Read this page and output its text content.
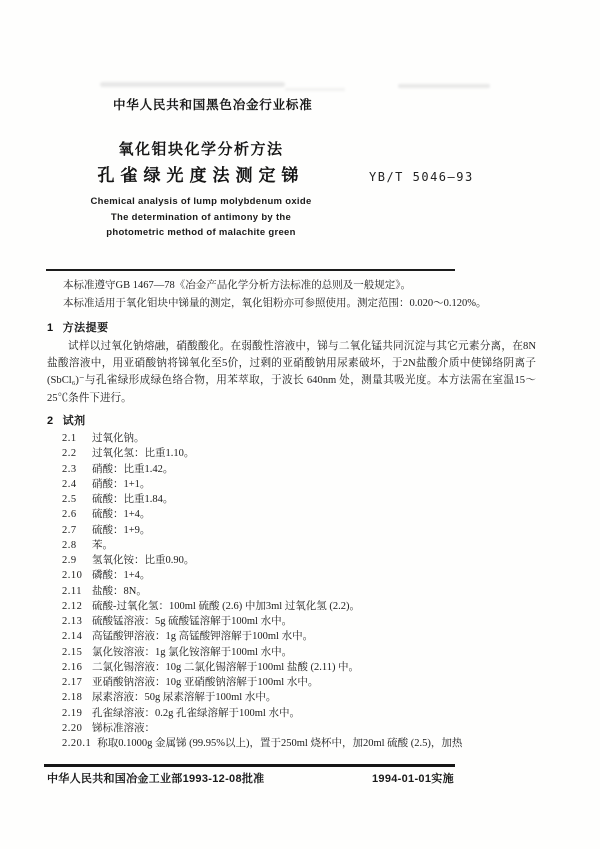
中华人民共和国黑色冶金行业标准
氧化钼块化学分析方法
孔雀绿光度法测定锑	YB/T 5046—93
Chemical analysis of lump molybdenum oxide
The determination of antimony by the
photometric method of malachite green

本标准遵守GB 1467—78《冶金产品化学分析方法标准的总则及一般规定》。

本标准适用于氧化钼块中锑量的测定，氧化钼粉亦可参照使用。测定范围：0.020～0.120%。

1 方法提要
试样以过氧化钠熔融，硝酸酸化。在弱酸性溶液中，锑与二氧化锰共同沉淀与其它元素分离，在8N盐酸溶液中，用亚硝酸钠将锑氧化至5价，过剩的亚硝酸钠用尿素破坏，于2N盐酸介质中使锑络阴离子(SbCl₆)⁻与孔雀绿形成绿色络合物，用苯萃取，于波长 640nm 处，测量其吸光度。本方法需在室温15～25℃条件下进行。
2 试剂
2.1 过氧化钠。
2.2 过氧化氢：比重1.10。
2.3 硝酸：比重1.42。
2.4 硝酸：1+1。
2.5 硫酸：比重1.84。
2.6 硫酸：1+4。
2.7 硫酸：1+9。
2.8 苯。
2.9 氢氧化铵：比重0.90。
2.10 磷酸：1+4。
2.11 盐酸：8N。
2.12 硫酸-过氧化氢：100ml 硫酸 (2.6) 中加3ml 过氧化氢 (2.2)。
2.13 硫酸锰溶液：5g 硫酸锰溶解于100ml 水中。
2.14 高锰酸钾溶液：1g 高锰酸钾溶解于100ml 水中。
2.15 氯化铵溶液：1g 氯化铵溶解于100ml 水中。
2.16 二氯化锡溶液：10g 二氯化锡溶解于100ml 盐酸 (2.11) 中。
2.17 亚硝酸钠溶液：10g 亚硝酸钠溶解于100ml 水中。
2.18 尿素溶液：50g 尿素溶解于100ml 水中。
2.19 孔雀绿溶液：0.2g 孔雀绿溶解于100ml 水中。
2.20 锑标准溶液：
2.20.1 称取0.1000g 金属锑 (99.95%以上)，置于250ml 烧杯中，加20ml 硫酸 (2.5)，加热
中华人民共和国冶金工业部1993-12-08批准	1994-01-01实施
